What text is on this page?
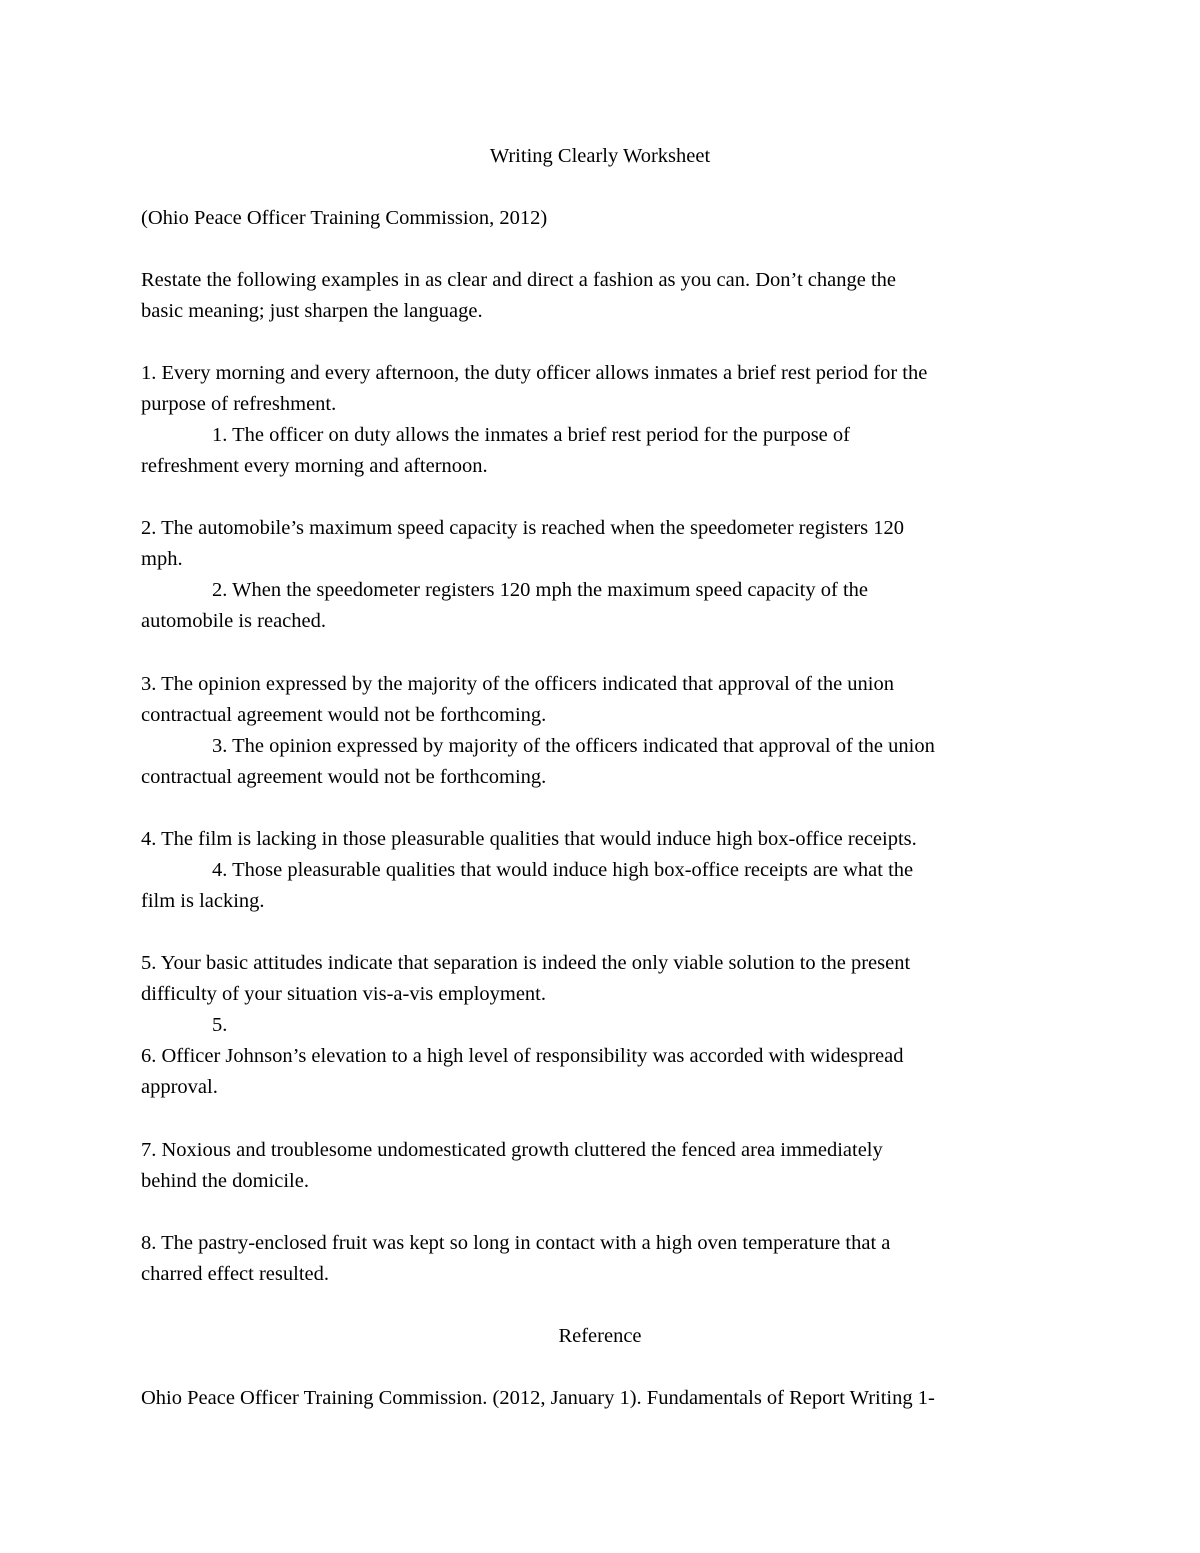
Writing Clearly Worksheet
(Ohio Peace Officer Training Commission, 2012)
Restate the following examples in as clear and direct a fashion as you can. Don’t change the
basic meaning; just sharpen the language.
1. Every morning and every afternoon, the duty officer allows inmates a brief rest period for the
purpose of refreshment.
1. The officer on duty allows the inmates a brief rest period for the purpose of
refreshment every morning and afternoon.
2. The automobile’s maximum speed capacity is reached when the speedometer registers 120
mph.
2. When the speedometer registers 120 mph the maximum speed capacity of the
automobile is reached.
3. The opinion expressed by the majority of the officers indicated that approval of the union
contractual agreement would not be forthcoming.
3. The opinion expressed by majority of the officers indicated that approval of the union
contractual agreement would not be forthcoming.
4. The film is lacking in those pleasurable qualities that would induce high box-office receipts.
4. Those pleasurable qualities that would induce high box-office receipts are what the
film is lacking.
5. Your basic attitudes indicate that separation is indeed the only viable solution to the present
difficulty of your situation vis-a-vis employment.
5.
6. Officer Johnson’s elevation to a high level of responsibility was accorded with widespread
approval.
7. Noxious and troublesome undomesticated growth cluttered the fenced area immediately
behind the domicile.
8. The pastry-enclosed fruit was kept so long in contact with a high oven temperature that a
charred effect resulted.
Reference
Ohio Peace Officer Training Commission. (2012, January 1). Fundamentals of Report Writing 1-
